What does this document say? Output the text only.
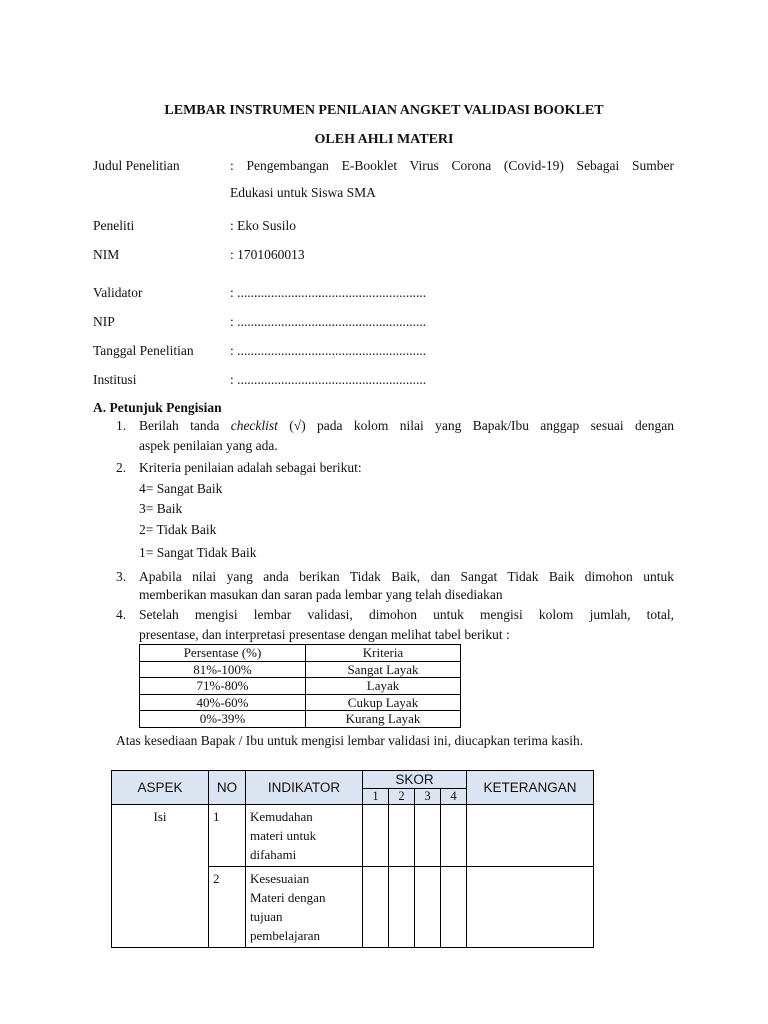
LEMBAR INSTRUMEN PENILAIAN ANGKET VALIDASI BOOKLET
OLEH AHLI MATERI
Judul Penelitian	: Pengembangan E-Booklet Virus Corona (Covid-19) Sebagai Sumber
Edukasi untuk Siswa SMA
Peneliti	: Eko Susilo
NIM	: 1701060013
Validator	: ........................................................
NIP	: ........................................................
Tanggal Penelitian	: ........................................................
Institusi	: ........................................................
A. Petunjuk Pengisian
1. Berilah tanda checklist (√) pada kolom nilai yang Bapak/Ibu anggap sesuai dengan
aspek penilaian yang ada.
2. Kriteria penilaian adalah sebagai berikut:
4= Sangat Baik
3= Baik
2= Tidak Baik
1= Sangat Tidak Baik
3. Apabila nilai yang anda berikan Tidak Baik, dan Sangat Tidak Baik dimohon untuk
memberikan masukan dan saran pada lembar yang telah disediakan
4. Setelah mengisi lembar validasi, dimohon untuk mengisi kolom jumlah, total,
presentase, dan interpretasi presentase dengan melihat tabel berikut :
Persentase (%)	Kriteria
81%-100%	Sangat Layak
71%-80%	Layak
40%-60%	Cukup Layak
0%-39%	Kurang Layak
Atas kesediaan Bapak / Ibu untuk mengisi lembar validasi ini, diucapkan terima kasih.
ASPEK	NO	INDIKATOR	SKOR				KETERANGAN
			1	2	3	4	

Isi	1	Kemudahan
materi untuk
difahami					

	2	Kesesuaian
Materi dengan
tujuan
pembelajaran					
